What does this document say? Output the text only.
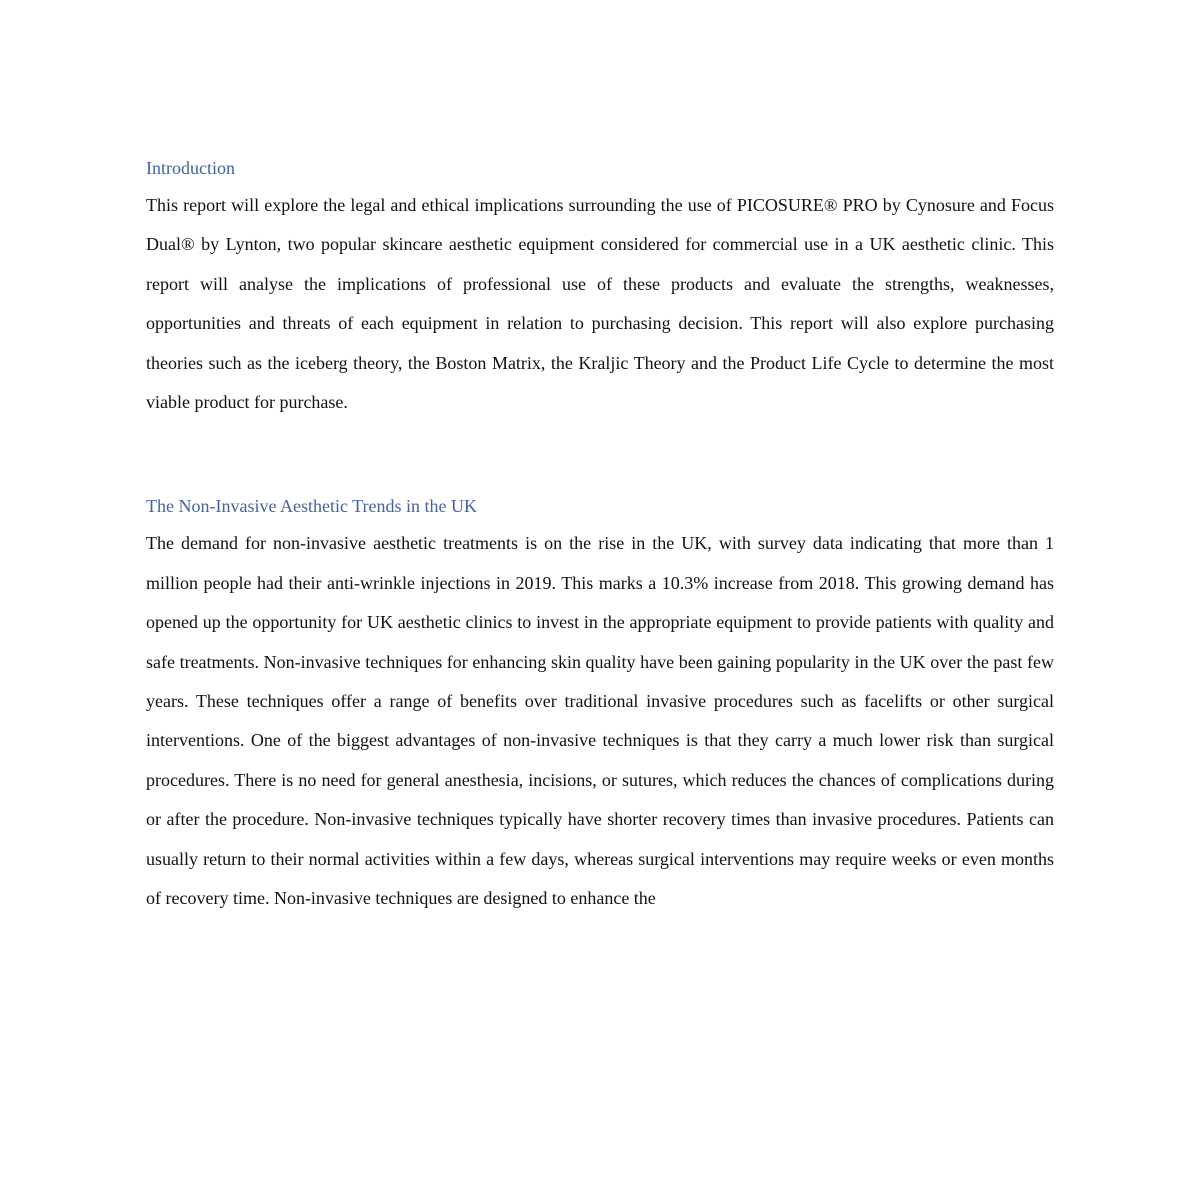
Introduction

This report will explore the legal and ethical implications surrounding the use of PICOSURE® PRO by Cynosure and Focus Dual® by Lynton, two popular skincare aesthetic equipment considered for commercial use in a UK aesthetic clinic. This report will analyse the implications of professional use of these products and evaluate the strengths, weaknesses, opportunities and threats of each equipment in relation to purchasing decision. This report will also explore purchasing theories such as the iceberg theory, the Boston Matrix, the Kraljic Theory and the Product Life Cycle to determine the most viable product for purchase.

The Non-Invasive Aesthetic Trends in the UK

The demand for non-invasive aesthetic treatments is on the rise in the UK, with survey data indicating that more than 1 million people had their anti-wrinkle injections in 2019. This marks a 10.3% increase from 2018. This growing demand has opened up the opportunity for UK aesthetic clinics to invest in the appropriate equipment to provide patients with quality and safe treatments. Non-invasive techniques for enhancing skin quality have been gaining popularity in the UK over the past few years. These techniques offer a range of benefits over traditional invasive procedures such as facelifts or other surgical interventions. One of the biggest advantages of non-invasive techniques is that they carry a much lower risk than surgical procedures. There is no need for general anesthesia, incisions, or sutures, which reduces the chances of complications during or after the procedure. Non-invasive techniques typically have shorter recovery times than invasive procedures. Patients can usually return to their normal activities within a few days, whereas surgical interventions may require weeks or even months of recovery time. Non-invasive techniques are designed to enhance the
